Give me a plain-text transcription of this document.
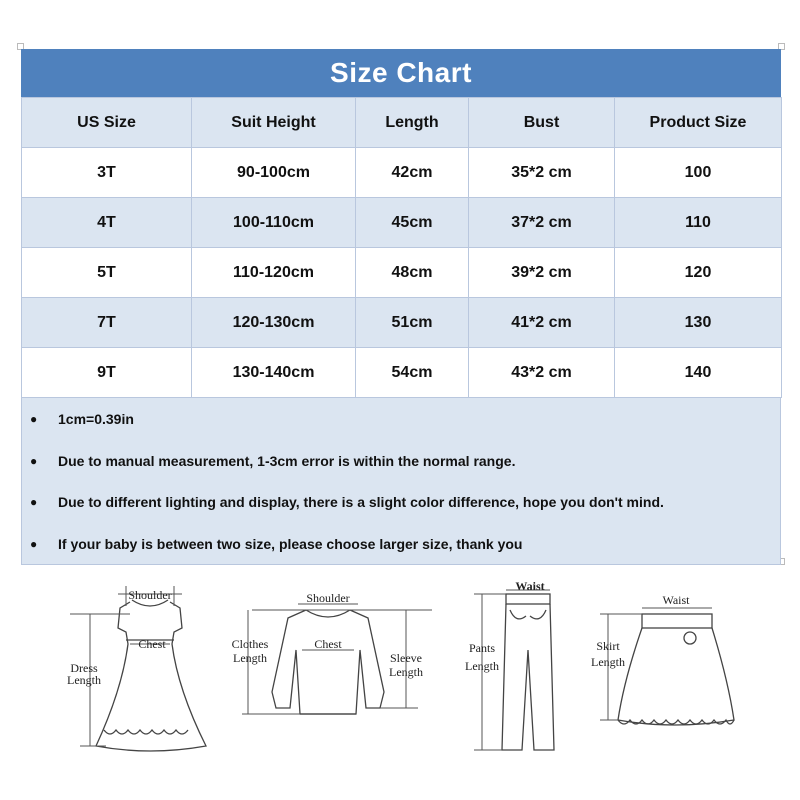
Size Chart
US Size	Suit Height	Length	Bust	Product Size
3T	90-100cm	42cm	35*2 cm	100
4T	100-110cm	45cm	37*2 cm	110
5T	110-120cm	48cm	39*2 cm	120
7T	120-130cm	51cm	41*2 cm	130
9T	130-140cm	54cm	43*2 cm	140
●	1cm=0.39in
●	Due to manual measurement, 1-3cm error is within the normal range.
●	Due to different lighting and display, there is a slight color difference, hope you don't mind.
●	If your baby is between two size, please choose larger size, thank you
Shoulder
Chest
Dress
Length
Shoulder
Chest
Clothes
Length	Sleeve
Length
Waist
Pants
Length
Waist
Skirt
Length
